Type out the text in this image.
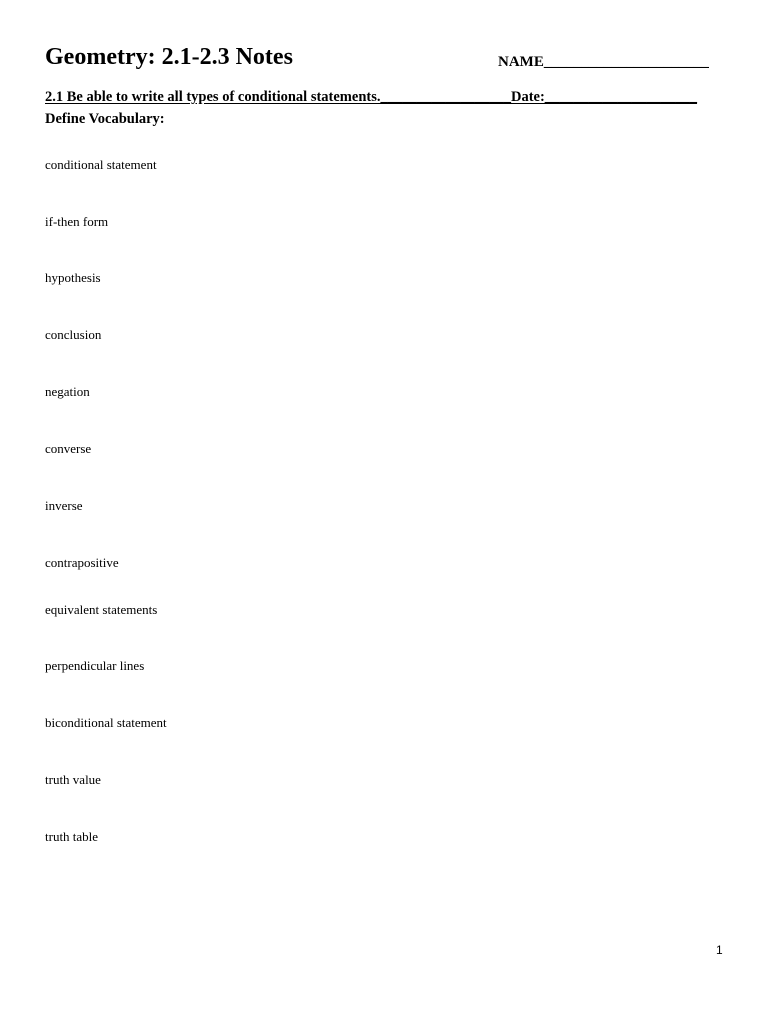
Geometry: 2.1-2.3 Notes	NAME______________________
2.1 Be able to write all types of conditional statements.__________________Date:_____________________
Define Vocabulary:
conditional statement
if-then form
hypothesis
conclusion
negation
converse
inverse
contrapositive
equivalent statements
perpendicular lines
biconditional statement
truth value
truth table
1
